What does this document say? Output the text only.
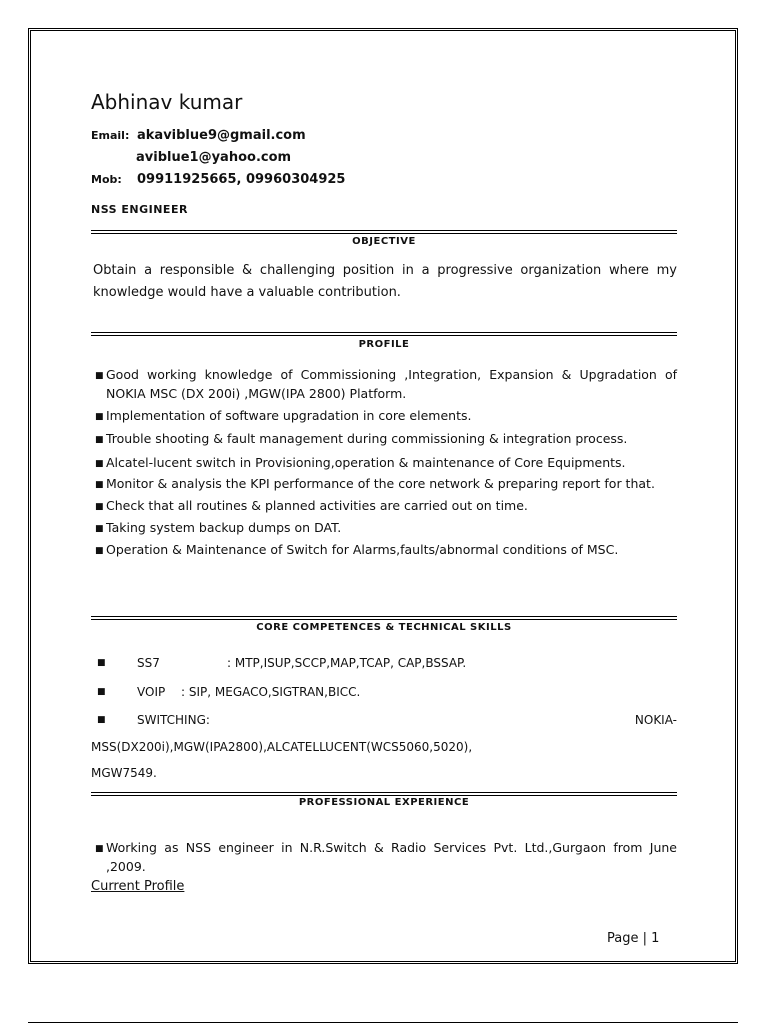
Abhinav kumar
Email: akaviblue9@gmail.com
aviblue1@yahoo.com
Mob: 09911925665, 09960304925
NSS ENGINEER
OBJECTIVE
Obtain a responsible & challenging position in a progressive organization where my knowledge would have a valuable contribution.
PROFILE
■ Good working knowledge of Commissioning ,Integration, Expansion & Upgradation of NOKIA MSC (DX 200i) ,MGW(IPA 2800) Platform.
■ Implementation of software upgradation in core elements.
■ Trouble shooting & fault management during commissioning & integration process.
■ Alcatel-lucent switch in Provisioning,operation & maintenance of Core Equipments.
■ Monitor & analysis the KPI performance of the core network & preparing report for that.
■ Check that all routines & planned activities are carried out on time.
■ Taking system backup dumps on DAT.
■ Operation & Maintenance of Switch for Alarms,faults/abnormal conditions of MSC.
CORE COMPETENCES & TECHNICAL SKILLS
■	SS7	: MTP,ISUP,SCCP,MAP,TCAP, CAP,BSSAP.
■	VOIP : SIP, MEGACO,SIGTRAN,BICC.
■	SWITCHING:	NOKIA-
MSS(DX200i),MGW(IPA2800),ALCATELLUCENT(WCS5060,5020),
MGW7549.
PROFESSIONAL EXPERIENCE
■ Working as NSS engineer in N.R.Switch & Radio Services Pvt. Ltd.,Gurgaon from June ,2009.
Current Profile
Page | 1
